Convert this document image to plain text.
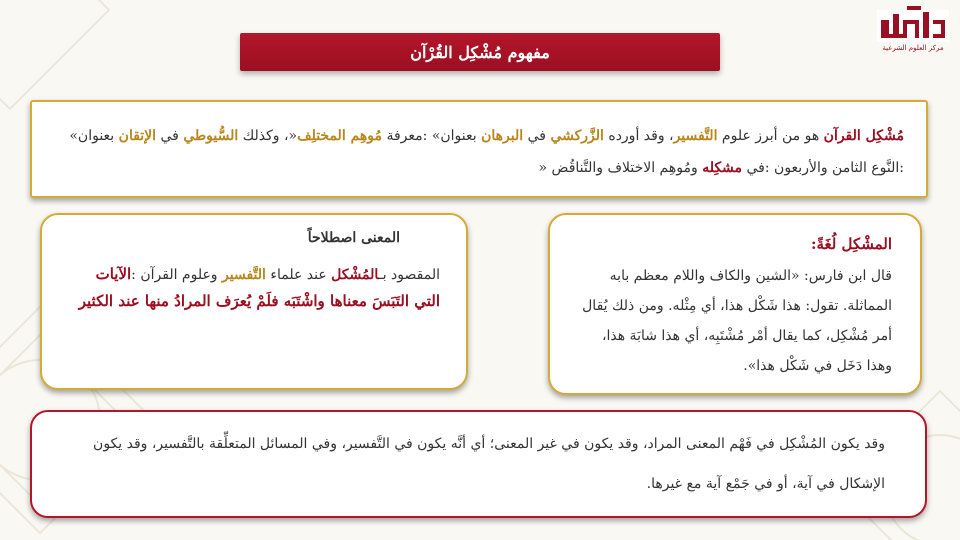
مركز العلوم الشرعية
مفهوم مُشْكِل القُرْآن
مُشْكِل القرآن هو من أبرز علوم التَّفسير، وقد أورده الزَّركشي في البرهان بعنوان» :معرفة مُوهِم المختلِف«، وكذلك السُّيوطي في الإتقان بعنوان» :النَّوع الثامن والأربعون :في مشكِله ومُوهِم الاختلاف والتَّناقُض «
المعنى اصطلاحاً
المقصود بـالمُشْكل عند علماء التَّفسير وعلوم القرآن :الآيات التي التَبَسَ معناها واشْتَبَه فلَمْ يُعرَف المرادُ منها عند الكثير
المشْكِل لُغَةً:
قال ابن فارس: «الشين والكاف واللام معظم بابه المماثلة. تقول: هذا شَكْل هذا، أي مِثْله. ومن ذلك يُقال أمر مُشْكِل، كما يقال أمْر مُشْتَبِه، أي هذا شابَهَ هذا، وهذا دَخَل في شَكْل هذا».
وقد يكون المُشْكِل في فَهْم المعنى المراد، وقد يكون في غير المعنى؛ أي أنَّه يكون في التَّفسير، وفي المسائل المتعلِّقة بالتَّفسير، وقد يكون الإشكال في آية، أو في جَمْع آية مع غيرها.
